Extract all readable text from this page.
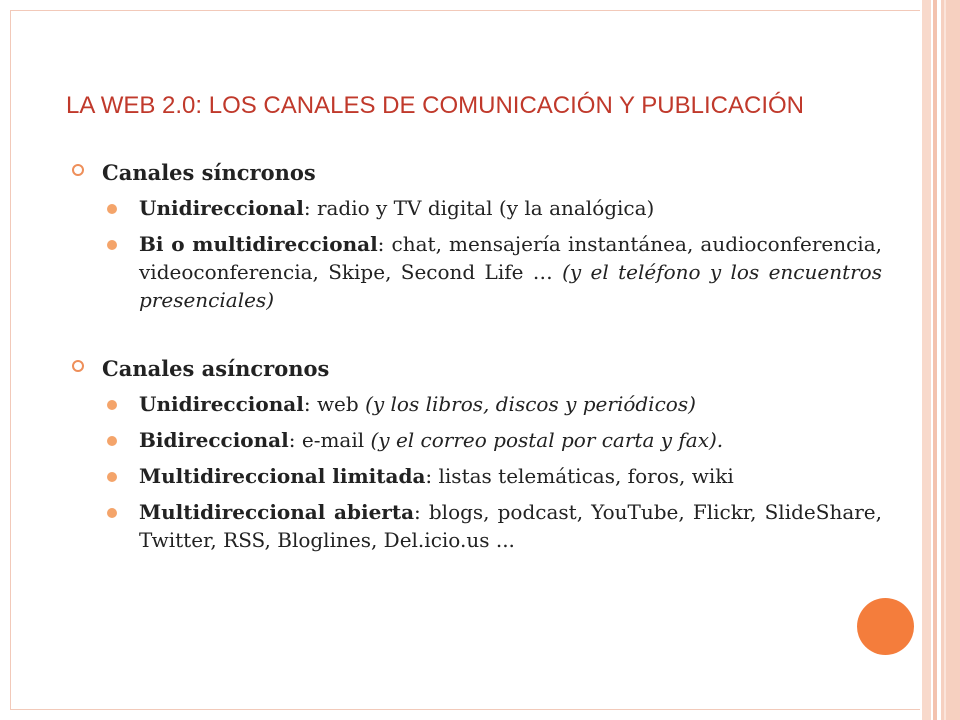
LA WEB 2.0: LOS CANALES DE COMUNICACIÓN Y PUBLICACIÓN
Canales síncronos
Unidireccional: radio y TV digital (y la analógica)
Bi o multidireccional: chat, mensajería instantánea, audioconferencia, videoconferencia, Skipe, Second Life … (y el teléfono y los encuentros presenciales)
Canales asíncronos
Unidireccional: web (y los libros, discos y periódicos)
Bidireccional: e-mail (y el correo postal por carta y fax).
Multidireccional limitada: listas telemáticas, foros, wiki
Multidireccional abierta: blogs, podcast, YouTube, Flickr, SlideShare, Twitter, RSS, Bloglines, Del.icio.us ...
